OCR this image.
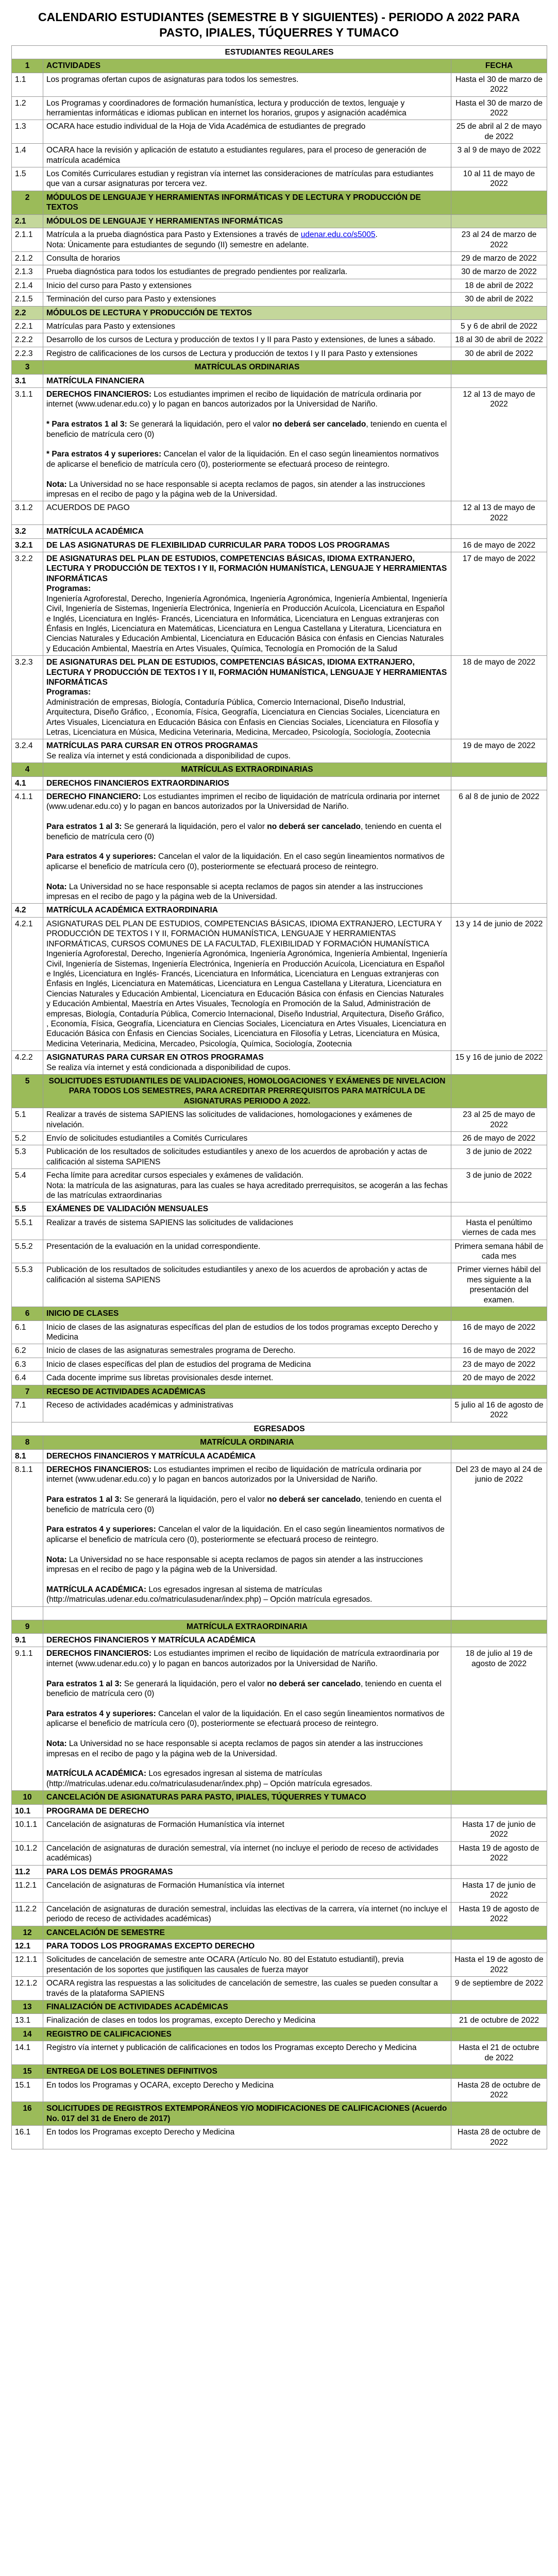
CALENDARIO ESTUDIANTES (SEMESTRE B Y SIGUIENTES) - PERIODO A 2022 PARA PASTO, IPIALES, TÚQUERRES Y TUMACO
ESTUDIANTES REGULARES		
1	ACTIVIDADES	FECHA
1.1	Los programas ofertan cupos de asignaturas para todos los semestres.	Hasta el 30 de marzo de 2022
1.2	Los Programas y coordinadores de formación humanística, lectura y producción de textos, lenguaje y herramientas informáticas e idiomas publican en internet los horarios, grupos y asignación académica	Hasta el 30 de marzo de 2022
1.3	OCARA hace estudio individual de la Hoja de Vida Académica de estudiantes de pregrado	25 de abril al 2 de mayo de 2022
1.4	OCARA hace la revisión y aplicación de estatuto a estudiantes regulares, para el proceso de generación de matrícula académica	3 al 9 de mayo de 2022
1.5	Los Comités Curriculares estudian y registran vía internet las consideraciones de matrículas para estudiantes que van a cursar asignaturas por tercera vez.	10 al 11 de mayo de 2022
2	MÓDULOS DE LENGUAJE Y HERRAMIENTAS INFORMÁTICAS Y DE LECTURA Y PRODUCCIÓN DE TEXTOS	
2.1	MÓDULOS DE LENGUAJE Y HERRAMIENTAS INFORMÁTICAS	
2.1.1	Matrícula a la prueba diagnóstica para Pasto y Extensiones a través de udenar.edu.co/s5005.

Nota: Únicamente para estudiantes de segundo (II) semestre en adelante.	23 al 24 de marzo de 2022
2.1.2	Consulta de horarios	29 de marzo de 2022
2.1.3	Prueba diagnóstica para todos los estudiantes de pregrado pendientes por realizarla.	30 de marzo de 2022
2.1.4	Inicio del curso para Pasto y extensiones	18 de abril de 2022
2.1.5	Terminación del curso para Pasto y extensiones	30 de abril de 2022
2.2	MÓDULOS DE LECTURA Y PRODUCCIÓN DE TEXTOS	
2.2.1	Matrículas para Pasto y extensiones	5 y 6 de abril de 2022
2.2.2	Desarrollo de los cursos de Lectura y producción de textos I y II para Pasto y extensiones, de lunes a sábado.	18 al 30 de abril de 2022
2.2.3	Registro de calificaciones de los cursos de Lectura y producción de textos I y II para Pasto y extensiones	30 de abril de 2022
3	MATRÍCULAS ORDINARIAS	
3.1	MATRÍCULA FINANCIERA	
3.1.1	DERECHOS FINANCIEROS: Los estudiantes imprimen el recibo de liquidación de matrícula ordinaria por internet (www.udenar.edu.co) y lo pagan en bancos autorizados por la Universidad de Nariño.

* Para estratos 1 al 3: Se generará la liquidación, pero el valor no deberá ser cancelado, teniendo en cuenta el beneficio de matrícula cero (0)

* Para estratos 4 y superiores: Cancelan el valor de la liquidación. En el caso según lineamientos normativos de aplicarse el beneficio de matrícula cero (0), posteriormente se efectuará proceso de reintegro.

Nota: La Universidad no se hace responsable si acepta reclamos de pagos, sin atender a las instrucciones impresas en el recibo de pago y la página web de la Universidad.	12 al 13 de mayo de 2022
3.1.2	ACUERDOS DE PAGO	12 al 13 de mayo de 2022
3.2	MATRÍCULA ACADÉMICA	
3.2.1	DE LAS ASIGNATURAS DE FLEXIBILIDAD CURRICULAR PARA TODOS LOS PROGRAMAS	16 de mayo de 2022
3.2.2	DE ASIGNATURAS DEL PLAN DE ESTUDIOS, COMPETENCIAS BÁSICAS, IDIOMA EXTRANJERO, LECTURA Y PRODUCCIÓN DE TEXTOS I Y II, FORMACIÓN HUMANÍSTICA, LENGUAJE Y HERRAMIENTAS INFORMÁTICAS

Programas:

Ingeniería Agroforestal, Derecho, Ingeniería Agronómica, Ingeniería Agronómica, Ingeniería Ambiental, Ingeniería Civil, Ingeniería de Sistemas, Ingeniería Electrónica, Ingeniería en Producción Acuícola, Licenciatura en Español e Inglés, Licenciatura en Inglés- Francés, Licenciatura en Informática, Licenciatura en Lenguas extranjeras con Énfasis en Inglés, Licenciatura en Matemáticas, Licenciatura en Lengua Castellana y Literatura, Licenciatura en Ciencias Naturales y Educación Ambiental, Licenciatura en Educación Básica con énfasis en Ciencias Naturales y Educación Ambiental, Maestría en Artes Visuales, Química, Tecnología en Promoción de la Salud	17 de mayo de 2022
3.2.3	DE ASIGNATURAS DEL PLAN DE ESTUDIOS, COMPETENCIAS BÁSICAS, IDIOMA EXTRANJERO, LECTURA Y PRODUCCIÓN DE TEXTOS I Y II, FORMACIÓN HUMANÍSTICA, LENGUAJE Y HERRAMIENTAS INFORMÁTICAS

Programas:

Administración de empresas, Biología, Contaduría Pública, Comercio Internacional, Diseño Industrial, Arquitectura, Diseño Gráfico, , Economía, Física, Geografía, Licenciatura en Ciencias Sociales, Licenciatura en Artes Visuales, Licenciatura en Educación Básica con Énfasis en Ciencias Sociales, Licenciatura en Filosofía y Letras, Licenciatura en Música, Medicina Veterinaria, Medicina, Mercadeo, Psicología, Sociología, Zootecnia	18 de mayo de 2022
3.2.4	MATRÍCULAS PARA CURSAR EN OTROS PROGRAMAS

Se realiza vía internet y está condicionada a disponibilidad de cupos.	19 de mayo de 2022
4	MATRÍCULAS EXTRAORDINARIAS	
4.1	DERECHOS FINANCIEROS EXTRAORDINARIOS	
4.1.1	DERECHO FINANCIERO: Los estudiantes imprimen el recibo de liquidación de matrícula ordinaria por internet (www.udenar.edu.co) y lo pagan en bancos autorizados por la Universidad de Nariño.

Para estratos 1 al 3: Se generará la liquidación, pero el valor no deberá ser cancelado, teniendo en cuenta el beneficio de matrícula cero (0)

Para estratos 4 y superiores: Cancelan el valor de la liquidación. En el caso según lineamientos normativos de aplicarse el beneficio de matrícula cero (0), posteriormente se efectuará proceso de reintegro.

Nota: La Universidad no se hace responsable si acepta reclamos de pagos sin atender a las instrucciones impresas en el recibo de pago y la página web de la Universidad.	6 al 8 de junio de 2022
4.2	MATRÍCULA ACADÉMICA EXTRAORDINARIA	
4.2.1	ASIGNATURAS DEL PLAN DE ESTUDIOS, COMPETENCIAS BÁSICAS, IDIOMA EXTRANJERO, LECTURA Y PRODUCCIÓN DE TEXTOS I Y II, FORMACIÓN HUMANÍSTICA, LENGUAJE Y HERRAMIENTAS INFORMÁTICAS, CURSOS COMUNES DE LA FACULTAD, FLEXIBILIDAD Y FORMACIÓN HUMANÍSTICA

Ingeniería Agroforestal, Derecho, Ingeniería Agronómica, Ingeniería Agronómica, Ingeniería Ambiental, Ingeniería Civil, Ingeniería de Sistemas, Ingeniería Electrónica, Ingeniería en Producción Acuícola, Licenciatura en Español e Inglés, Licenciatura en Inglés- Francés, Licenciatura en Informática, Licenciatura en Lenguas extranjeras con Énfasis en Inglés, Licenciatura en Matemáticas, Licenciatura en Lengua Castellana y Literatura, Licenciatura en Ciencias Naturales y Educación Ambiental, Licenciatura en Educación Básica con énfasis en Ciencias Naturales y Educación Ambiental, Maestría en Artes Visuales, Tecnología en Promoción de la Salud, Administración de empresas, Biología, Contaduría Pública, Comercio Internacional, Diseño Industrial, Arquitectura, Diseño Gráfico, , Economía, Física, Geografía, Licenciatura en Ciencias Sociales, Licenciatura en Artes Visuales, Licenciatura en Educación Básica con Énfasis en Ciencias Sociales, Licenciatura en Filosofía y Letras, Licenciatura en Música, Medicina Veterinaria, Medicina, Mercadeo, Psicología, Química, Sociología, Zootecnia	13 y 14 de junio de 2022
4.2.2	ASIGNATURAS PARA CURSAR EN OTROS PROGRAMAS

Se realiza vía internet y está condicionada a disponibilidad de cupos.	15 y 16 de junio de 2022
5	SOLICITUDES ESTUDIANTILES DE VALIDACIONES, HOMOLOGACIONES Y EXÁMENES DE NIVELACION PARA TODOS LOS SEMESTRES, PARA ACREDITAR PRERREQUISITOS PARA MATRÍCULA DE ASIGNATURAS PERIODO A 2022.	
5.1	Realizar a través de sistema SAPIENS las solicitudes de validaciones, homologaciones y exámenes de nivelación.	23 al 25 de mayo de 2022
5.2	Envío de solicitudes estudiantiles a Comités Curriculares	26 de mayo de 2022
5.3	Publicación de los resultados de solicitudes estudiantiles y anexo de los acuerdos de aprobación y actas de calificación al sistema SAPIENS	3 de junio de 2022
5.4	Fecha límite para acreditar cursos especiales y exámenes de validación.

Nota: la matrícula de las asignaturas, para las cuales se haya acreditado prerrequisitos, se acogerán a las fechas de las matrículas extraordinarias	3 de junio de 2022
5.5	EXÁMENES DE VALIDACIÓN MENSUALES	
5.5.1	Realizar a través de sistema SAPIENS las solicitudes de validaciones	Hasta el penúltimo viernes de cada mes
5.5.2	Presentación de la evaluación en la unidad correspondiente.	Primera semana hábil de cada mes
5.5.3	Publicación de los resultados de solicitudes estudiantiles y anexo de los acuerdos de aprobación y actas de calificación al sistema SAPIENS	Primer viernes hábil del mes siguiente a la presentación del examen.
6	INICIO DE CLASES	
6.1	Inicio de clases de las asignaturas específicas del plan de estudios de los todos programas excepto Derecho y Medicina	16 de mayo de 2022
6.2	Inicio de clases de las asignaturas semestrales programa de Derecho.	16 de mayo de 2022
6.3	Inicio de clases específicas del plan de estudios del programa de Medicina	23 de mayo de 2022
6.4	Cada docente imprime sus libretas provisionales desde internet.	20 de mayo de 2022
7	RECESO DE ACTIVIDADES ACADÉMICAS	
7.1	Receso de actividades académicas y administrativas	5 julio al 16 de agosto de 2022
EGRESADOS		
8	MATRÍCULA ORDINARIA	
8.1	DERECHOS FINANCIEROS Y MATRÍCULA ACADÉMICA	
8.1.1	DERECHOS FINANCIEROS: Los estudiantes imprimen el recibo de liquidación de matrícula ordinaria por internet (www.udenar.edu.co) y lo pagan en bancos autorizados por la Universidad de Nariño.

Para estratos 1 al 3: Se generará la liquidación, pero el valor no deberá ser cancelado, teniendo en cuenta el beneficio de matrícula cero (0)

Para estratos 4 y superiores: Cancelan el valor de la liquidación. En el caso según lineamientos normativos de aplicarse el beneficio de matrícula cero (0), posteriormente se efectuará proceso de reintegro.

Nota: La Universidad no se hace responsable si acepta reclamos de pagos sin atender a las instrucciones impresas en el recibo de pago y la página web de la Universidad.

MATRÍCULA ACADÉMICA: Los egresados ingresan al sistema de matrículas (http://matriculas.udenar.edu.co/matriculasudenar/index.php) – Opción matrícula egresados.	Del 23 de mayo al 24 de junio de 2022

9	MATRÍCULA EXTRAORDINARIA	
9.1	DERECHOS FINANCIEROS Y MATRÍCULA ACADÉMICA	
9.1.1	DERECHOS FINANCIEROS: Los estudiantes imprimen el recibo de liquidación de matrícula extraordinaria por internet (www.udenar.edu.co) y lo pagan en bancos autorizados por la Universidad de Nariño.

Para estratos 1 al 3: Se generará la liquidación, pero el valor no deberá ser cancelado, teniendo en cuenta el beneficio de matrícula cero (0)

Para estratos 4 y superiores: Cancelan el valor de la liquidación. En el caso según lineamientos normativos de aplicarse el beneficio de matrícula cero (0), posteriormente se efectuará proceso de reintegro.

Nota: La Universidad no se hace responsable si acepta reclamos de pagos sin atender a las instrucciones impresas en el recibo de pago y la página web de la Universidad.

MATRÍCULA ACADÉMICA: Los egresados ingresan al sistema de matrículas (http://matriculas.udenar.edu.co/matriculasudenar/index.php) – Opción matrícula egresados.	18 de julio al 19 de agosto de 2022
10	CANCELACIÓN DE ASIGNATURAS PARA PASTO, IPIALES, TÚQUERRES Y TUMACO	
10.1	PROGRAMA DE DERECHO	
10.1.1	Cancelación de asignaturas de Formación Humanística vía internet	Hasta 17 de junio de 2022
10.1.2	Cancelación de asignaturas de duración semestral, vía internet (no incluye el periodo de receso de actividades académicas)	Hasta 19 de agosto de 2022
11.2	PARA LOS DEMÁS PROGRAMAS	
11.2.1	Cancelación de asignaturas de Formación Humanística vía internet	Hasta 17 de junio de 2022
11.2.2	Cancelación de asignaturas de duración semestral, incluidas las electivas de la carrera, vía internet (no incluye el periodo de receso de actividades académicas)	Hasta 19 de agosto de 2022
12	CANCELACIÓN DE SEMESTRE	
12.1	PARA TODOS LOS PROGRAMAS EXCEPTO DERECHO	
12.1.1	Solicitudes de cancelación de semestre ante OCARA (Artículo No. 80 del Estatuto estudiantil), previa presentación de los soportes que justifiquen las causales de fuerza mayor	Hasta el 19 de agosto de 2022
12.1.2	OCARA registra las respuestas a las solicitudes de cancelación de semestre, las cuales se pueden consultar a través de la plataforma SAPIENS	9 de septiembre de 2022
13	FINALIZACIÓN DE ACTIVIDADES ACADÉMICAS	
13.1	Finalización de clases en todos los programas, excepto Derecho y Medicina	21 de octubre de 2022
14	REGISTRO DE CALIFICACIONES	
14.1	Registro vía internet y publicación de calificaciones en todos los Programas excepto Derecho y Medicina	Hasta el 21 de octubre de 2022
15	ENTREGA DE LOS BOLETINES DEFINITIVOS	
15.1	En todos los Programas y OCARA, excepto Derecho y Medicina	Hasta 28 de octubre de 2022
16	SOLICITUDES DE REGISTROS EXTEMPORÁNEOS Y/O MODIFICACIONES DE CALIFICACIONES (Acuerdo No. 017 del 31 de Enero de 2017)	
16.1	En todos los Programas excepto Derecho y Medicina	Hasta 28 de octubre de 2022
